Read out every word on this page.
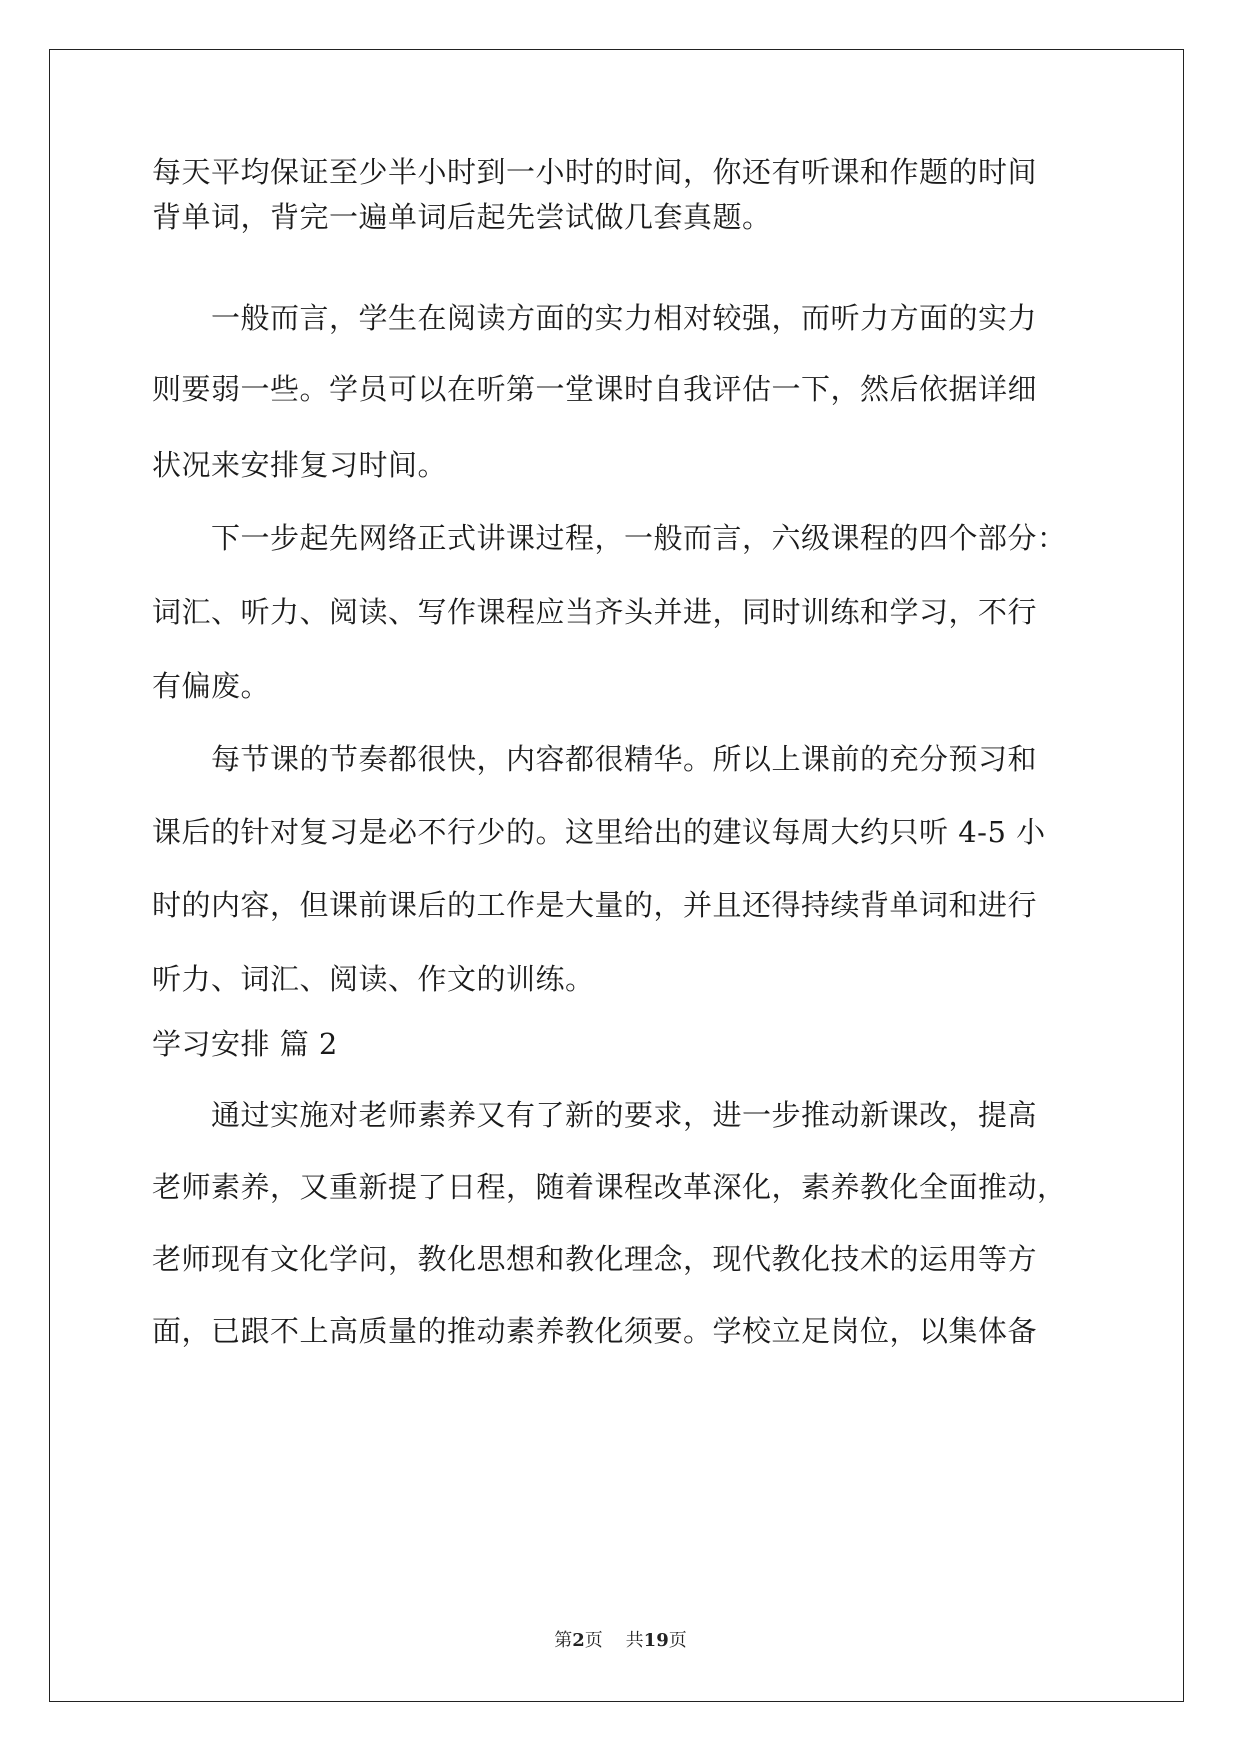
每天平均保证至少半小时到一小时的时间，你还有听课和作题的时间
背单词，背完一遍单词后起先尝试做几套真题。
　　一般而言，学生在阅读方面的实力相对较强，而听力方面的实力
则要弱一些。学员可以在听第一堂课时自我评估一下，然后依据详细
状况来安排复习时间。
　　下一步起先网络正式讲课过程，一般而言，六级课程的四个部分：
词汇、听力、阅读、写作课程应当齐头并进，同时训练和学习，不行
有偏废。
　　每节课的节奏都很快，内容都很精华。所以上课前的充分预习和
课后的针对复习是必不行少的。这里给出的建议每周大约只听 4-5 小
时的内容，但课前课后的工作是大量的，并且还得持续背单词和进行
听力、词汇、阅读、作文的训练。
学习安排 篇 2
　　通过实施对老师素养又有了新的要求，进一步推动新课改，提高
老师素养，又重新提了日程，随着课程改革深化，素养教化全面推动，
老师现有文化学问，教化思想和教化理念，现代教化技术的运用等方
面，已跟不上高质量的推动素养教化须要。学校立足岗位，以集体备
第2页 共19页
